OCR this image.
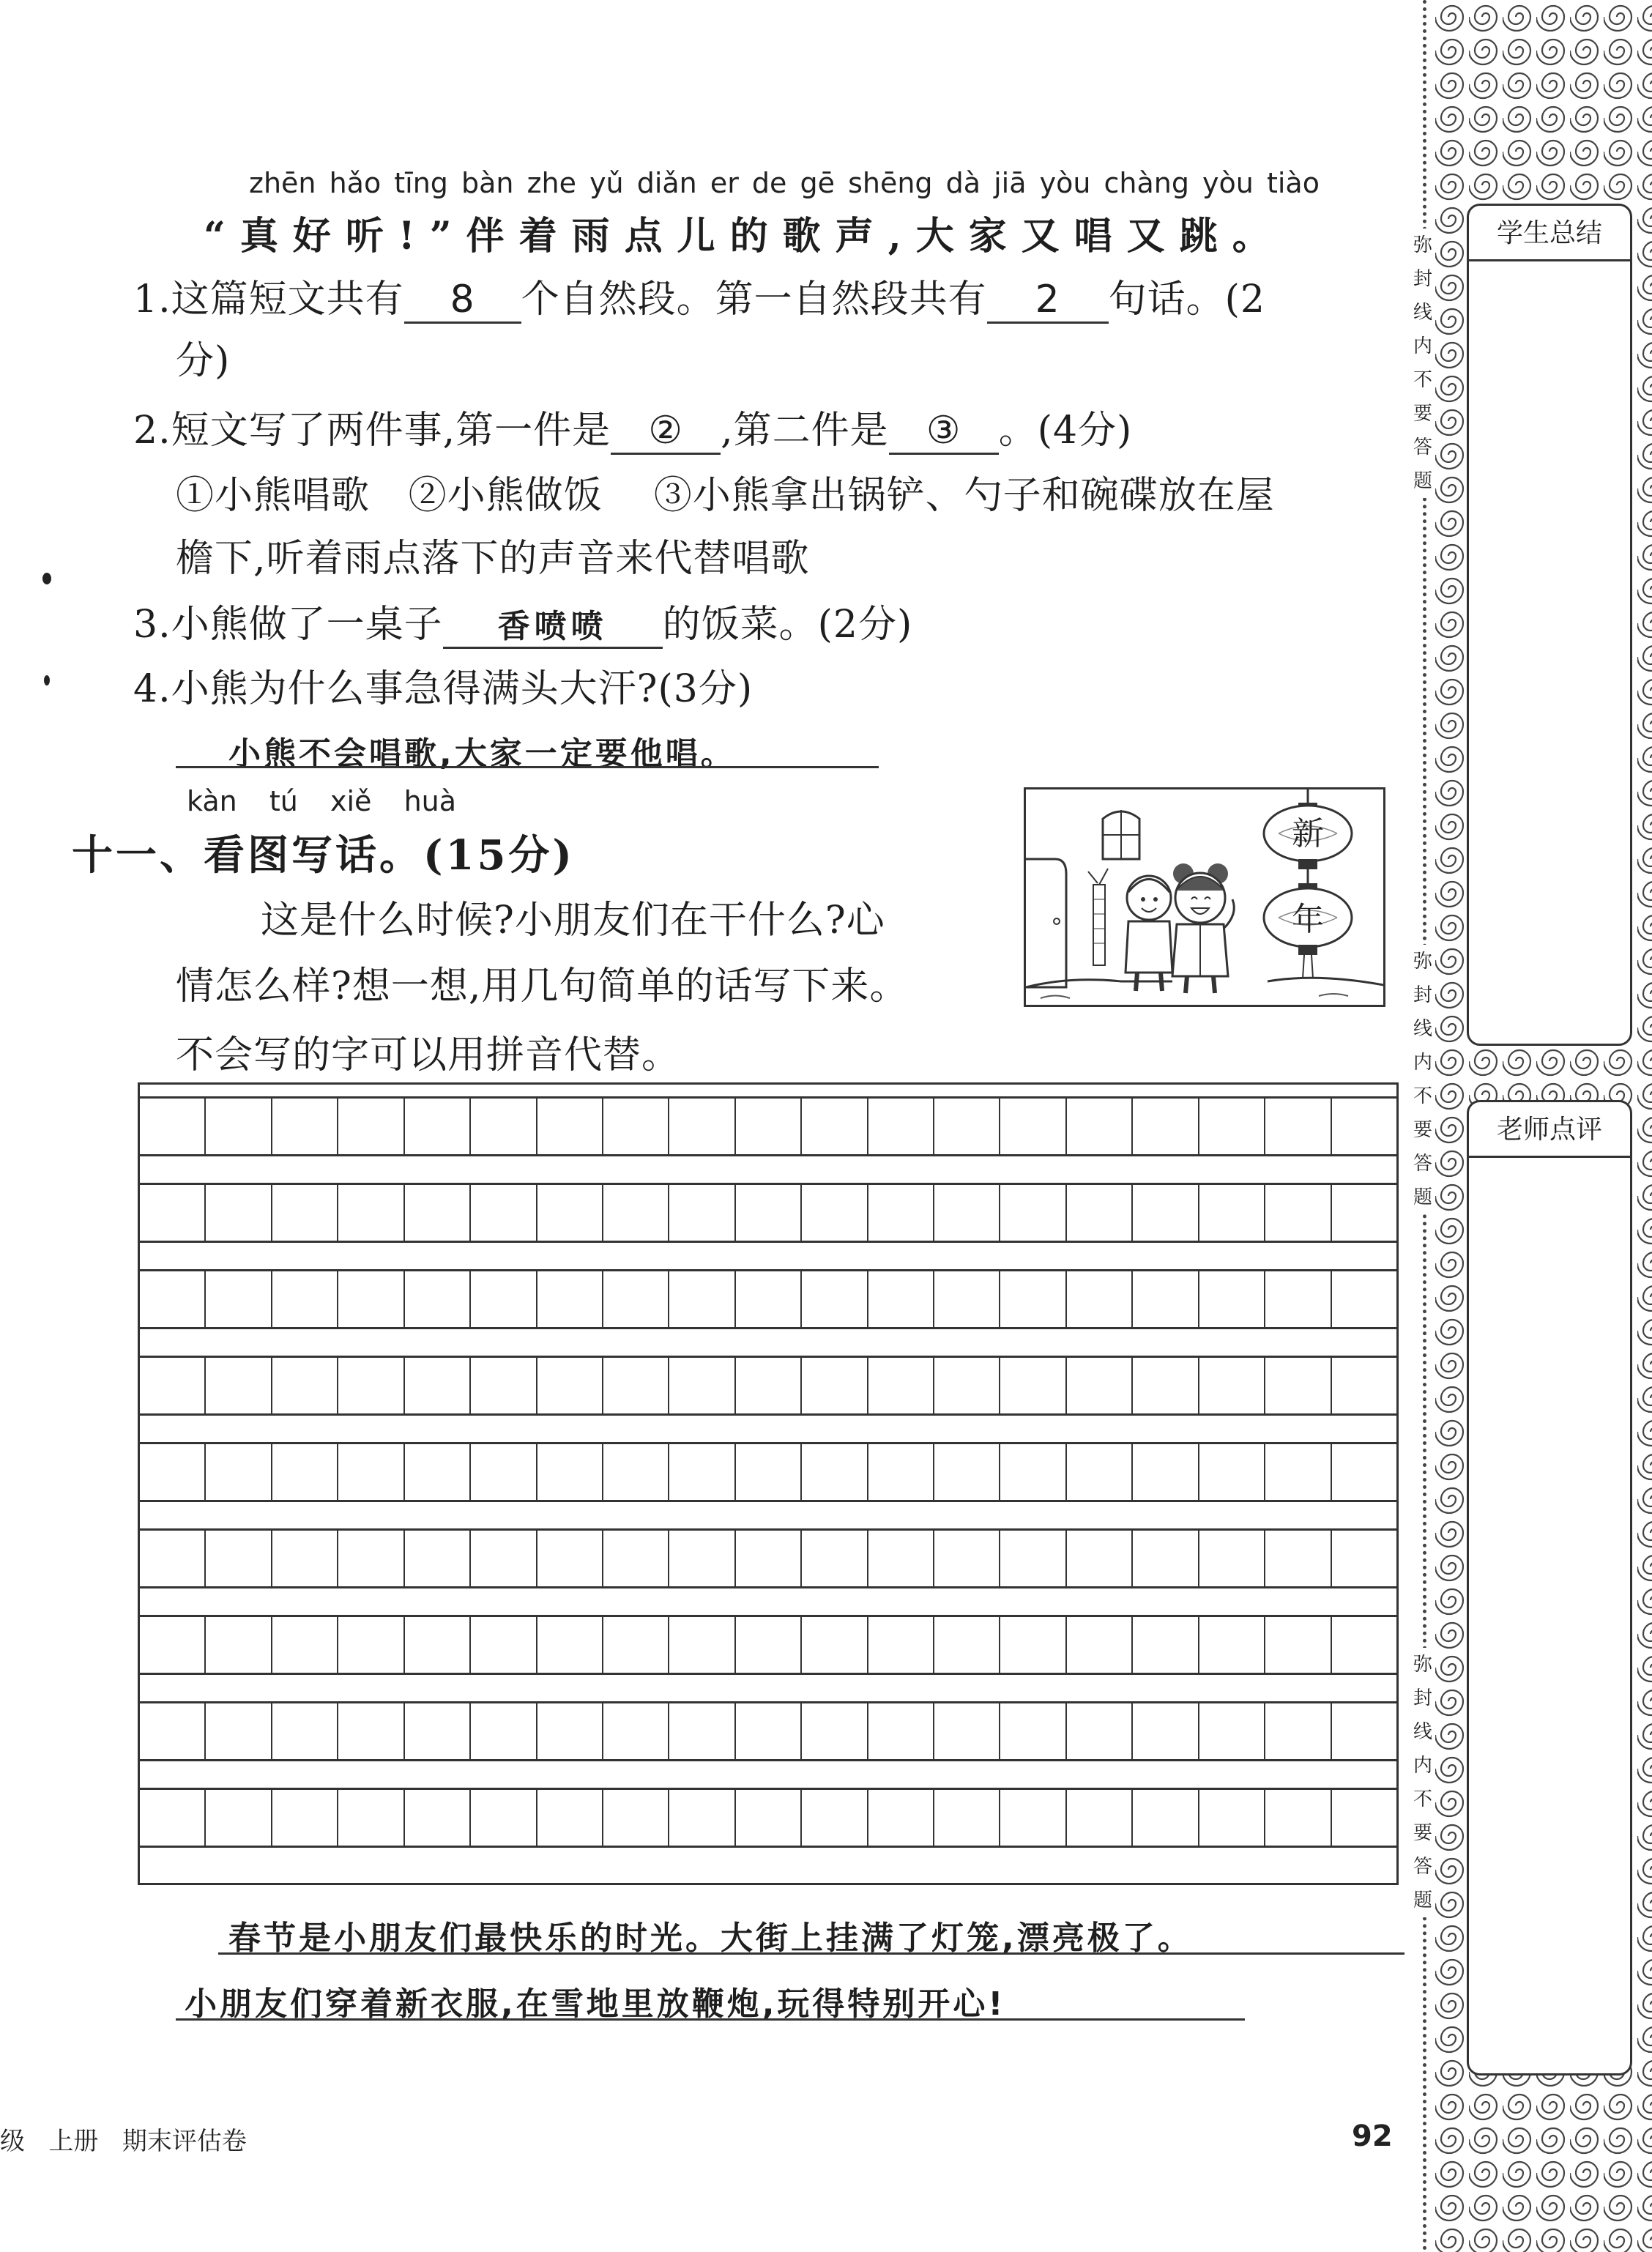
zhēn hǎo tīng bàn zhe yǔ diǎn er de gē shēng dà jiā yòu chàng yòu tiào
“真好听!”伴着雨点儿的歌声,大家又唱又跳。
1.这篇短文共有 8 个自然段。第一自然段共有 2 句话。(2
分)
2.短文写了两件事,第一件是 ② ,第二件是 ③ 。(4分)
①小熊唱歌   ②小熊做饭    ③小熊拿出锅铲、勺子和碗碟放在屋
檐下,听着雨点落下的声音来代替唱歌
3.小熊做了一桌子 香喷喷 的饭菜。(2分)
4.小熊为什么事急得满头大汗?(3分)
小熊不会唱歌,大家一定要他唱。
kàn  tú  xiě  huà
十一、看图写话。(15分)
这是什么时候?小朋友们在干什么?心
情怎么样?想一想,用几句简单的话写下来。
不会写的字可以用拼音代替。
新
年
春节是小朋友们最快乐的时光。大街上挂满了灯笼,漂亮极了。
小朋友们穿着新衣服,在雪地里放鞭炮,玩得特别开心!
级   上册   期末评估卷	92
弥
封
线
内
不
要
答
题
弥
封
线
内
不
要
答
题
弥
封
线
内
不
要
答
题
学生总结
老师点评
